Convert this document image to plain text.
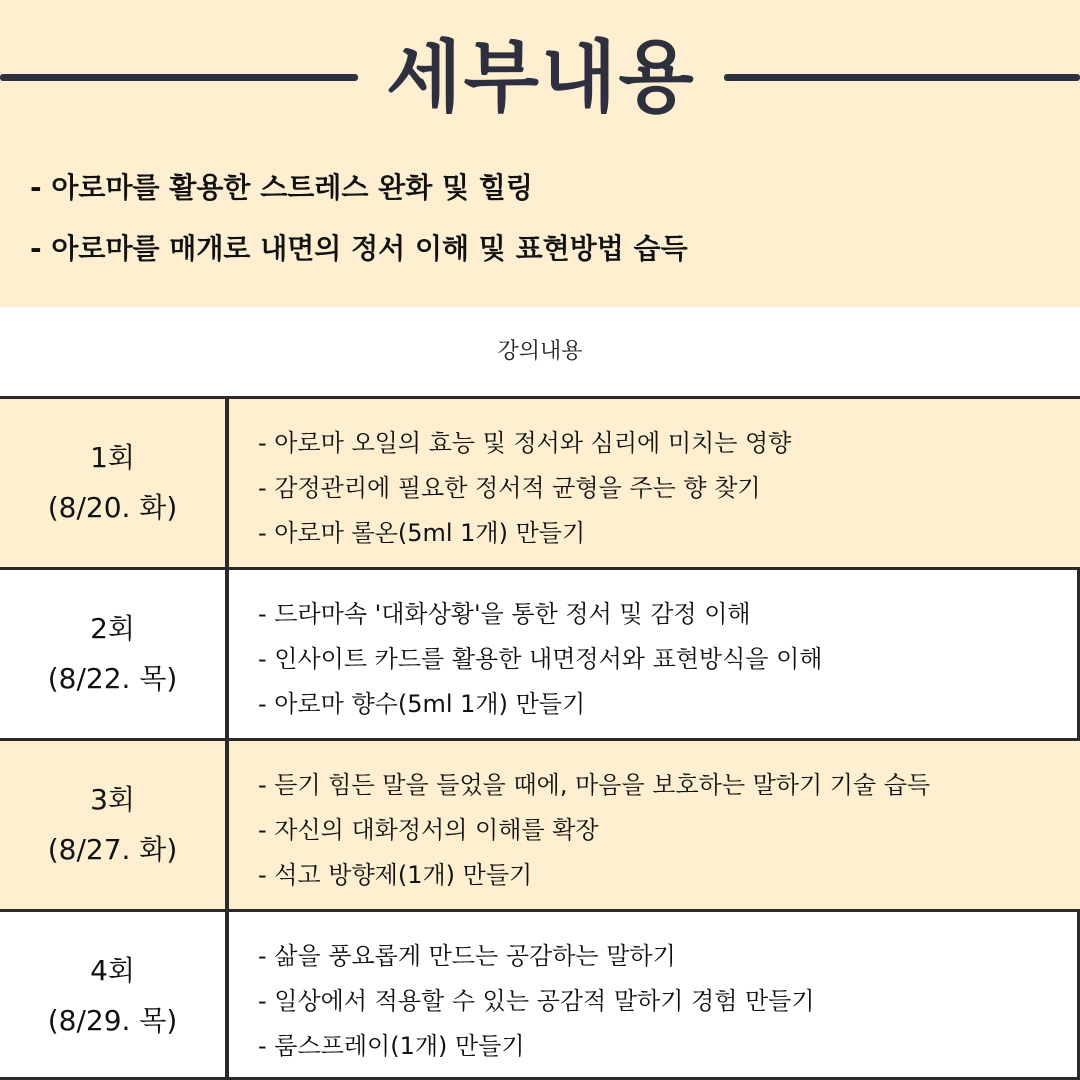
세부내용
- 아로마를 활용한 스트레스 완화 및 힐링
- 아로마를 매개로 내면의 정서 이해 및 표현방법 습득
강의내용
1회
(8/20. 화)
- 아로마 오일의 효능 및 정서와 심리에 미치는 영향
- 감정관리에 필요한 정서적 균형을 주는 향 찾기
- 아로마 롤온(5ml 1개) 만들기
2회
(8/22. 목)
- 드라마속 '대화상황'을 통한 정서 및 감정 이해
- 인사이트 카드를 활용한 내면정서와 표현방식을 이해
- 아로마 향수(5ml 1개) 만들기
3회
(8/27. 화)
- 듣기 힘든 말을 들었을 때에, 마음을 보호하는 말하기 기술 습득
- 자신의 대화정서의 이해를 확장
- 석고 방향제(1개) 만들기
4회
(8/29. 목)
- 삶을 풍요롭게 만드는 공감하는 말하기
- 일상에서 적용할 수 있는 공감적 말하기 경험 만들기
- 룸스프레이(1개) 만들기
